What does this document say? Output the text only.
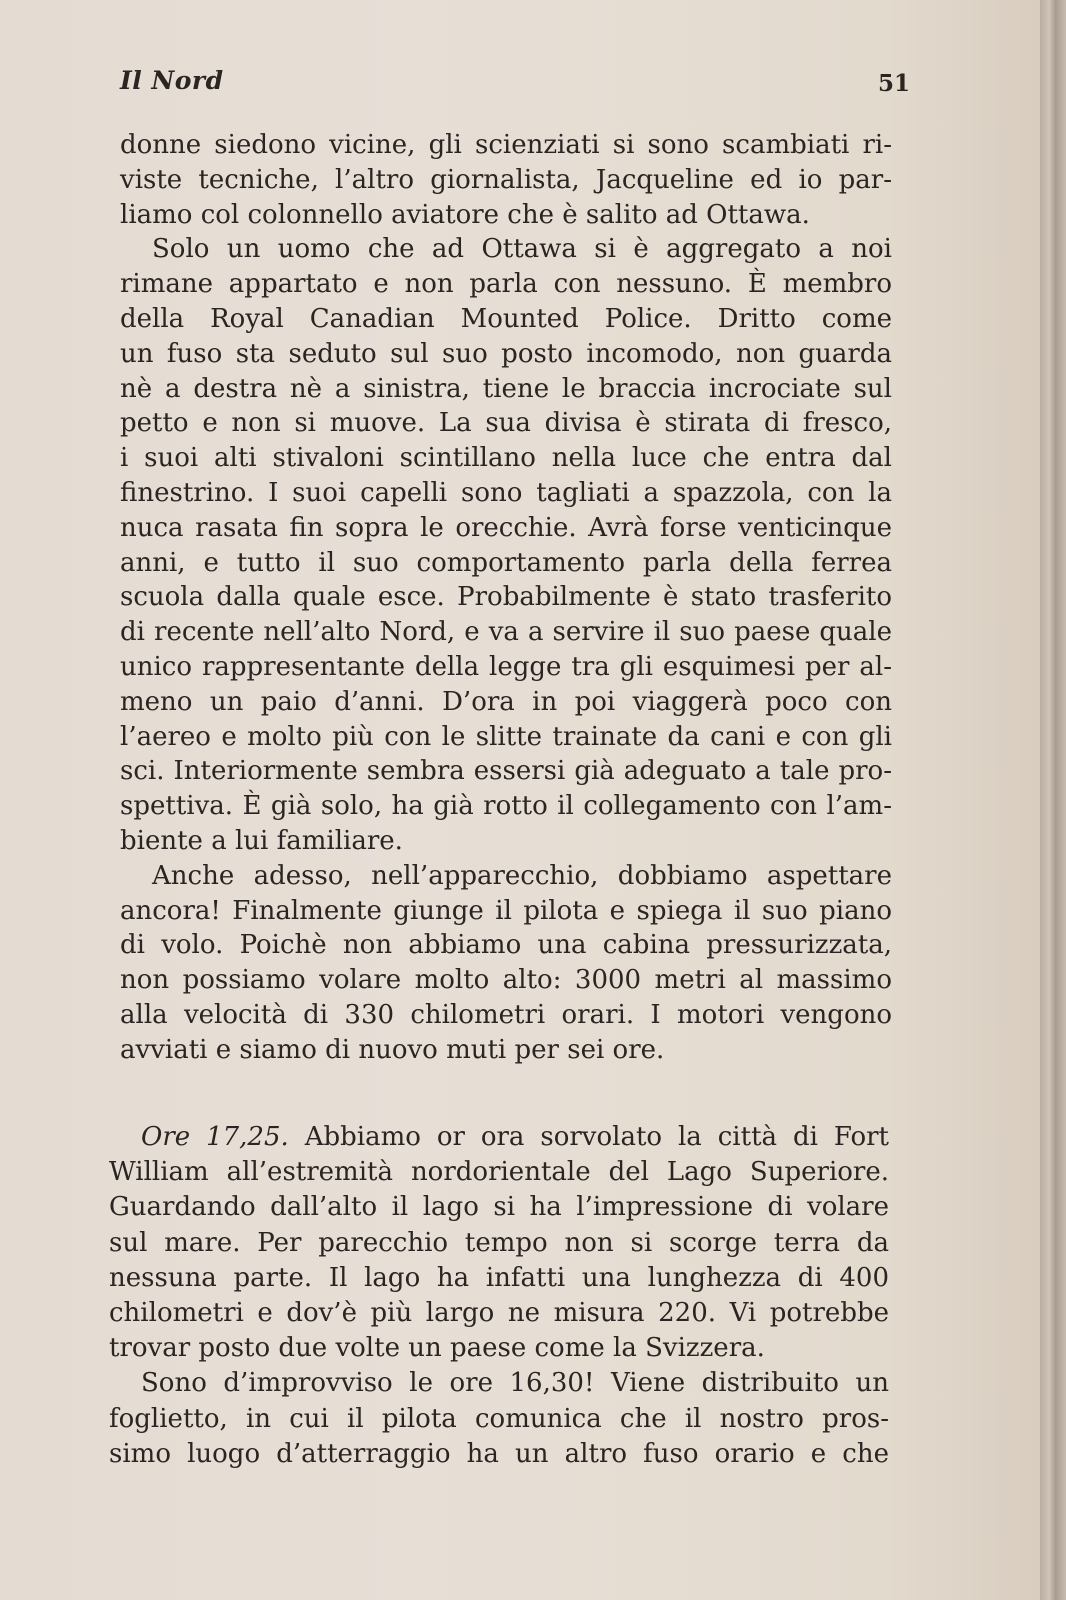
Il Nord	51
donne siedono vicine, gli scienziati si sono scambiati ri-
viste tecniche, l’altro giornalista, Jacqueline ed io par-
liamo col colonnello aviatore che è salito ad Ottawa.
Solo un uomo che ad Ottawa si è aggregato a noi
rimane appartato e non parla con nessuno. È membro
della Royal Canadian Mounted Police. Dritto come
un fuso sta seduto sul suo posto incomodo, non guarda
nè a destra nè a sinistra, tiene le braccia incrociate sul
petto e non si muove. La sua divisa è stirata di fresco,
i suoi alti stivaloni scintillano nella luce che entra dal
finestrino. I suoi capelli sono tagliati a spazzola, con la
nuca rasata fin sopra le orecchie. Avrà forse venticinque
anni, e tutto il suo comportamento parla della ferrea
scuola dalla quale esce. Probabilmente è stato trasferito
di recente nell’alto Nord, e va a servire il suo paese quale
unico rappresentante della legge tra gli esquimesi per al-
meno un paio d’anni. D’ora in poi viaggerà poco con
l’aereo e molto più con le slitte trainate da cani e con gli
sci. Interiormente sembra essersi già adeguato a tale pro-
spettiva. È già solo, ha già rotto il collegamento con l’am-
biente a lui familiare.
Anche adesso, nell’apparecchio, dobbiamo aspettare
ancora! Finalmente giunge il pilota e spiega il suo piano
di volo. Poichè non abbiamo una cabina pressurizzata,
non possiamo volare molto alto: 3000 metri al massimo
alla velocità di 330 chilometri orari. I motori vengono
avviati e siamo di nuovo muti per sei ore.
Ore 17,25. Abbiamo or ora sorvolato la città di Fort
William all’estremità nordorientale del Lago Superiore.
Guardando dall’alto il lago si ha l’impressione di volare
sul mare. Per parecchio tempo non si scorge terra da
nessuna parte. Il lago ha infatti una lunghezza di 400
chilometri e dov’è più largo ne misura 220. Vi potrebbe
trovar posto due volte un paese come la Svizzera.
Sono d’improvviso le ore 16,30! Viene distribuito un
foglietto, in cui il pilota comunica che il nostro pros-
simo luogo d’atterraggio ha un altro fuso orario e che
